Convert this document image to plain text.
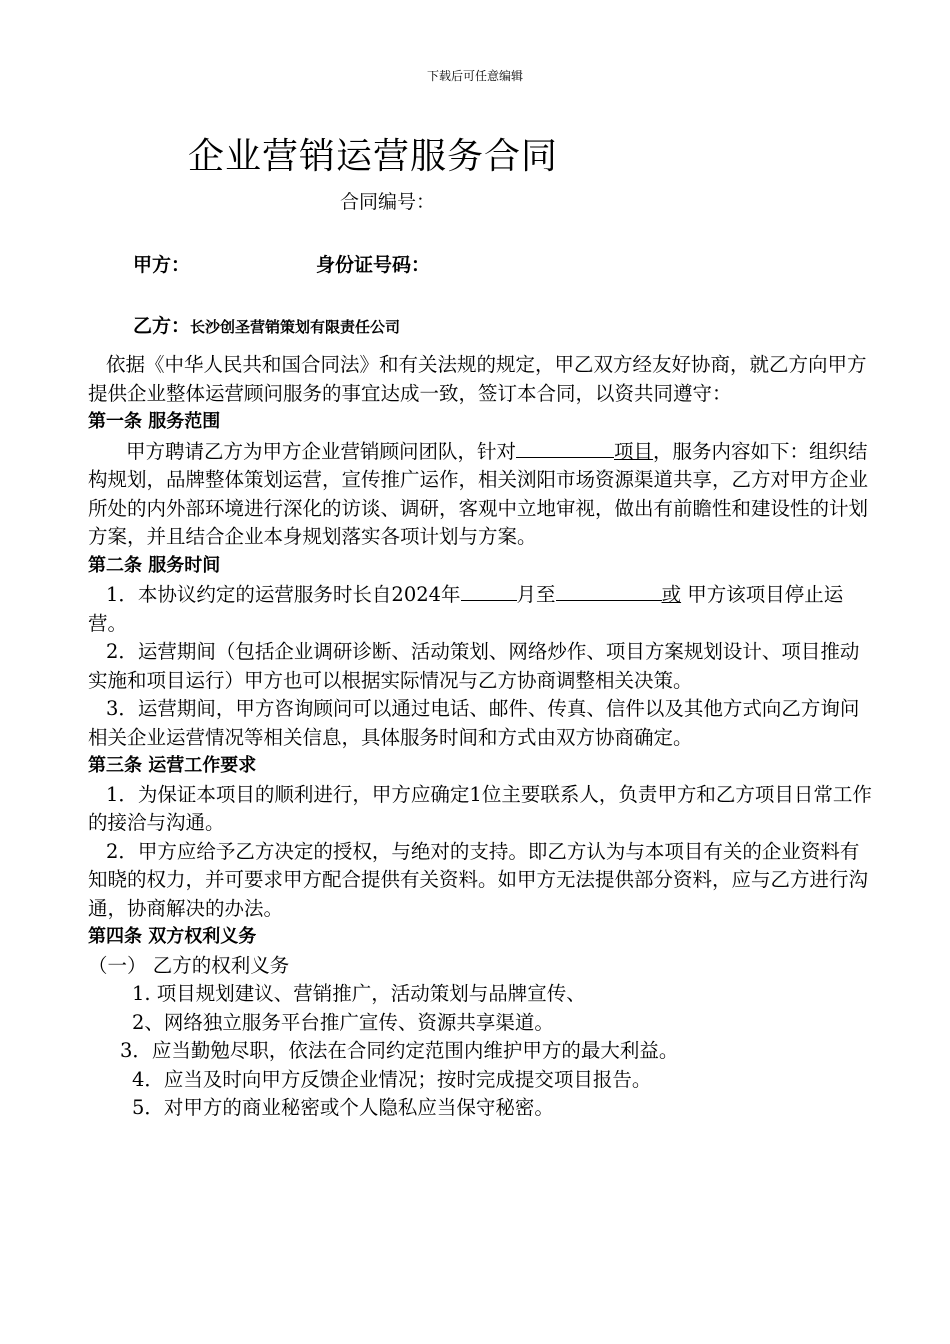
下载后可任意编辑
企业营销运营服务合同
合同编号：
甲方：	身份证号码：
乙方：长沙创圣营销策划有限责任公司

依据《中华人民共和国合同法》和有关法规的规定，甲乙双方经友好协商，就乙方向甲方提供企业整体运营顾问服务的事宜达成一致，签订本合同，以资共同遵守：

第一条 服务范围

甲方聘请乙方为甲方企业营销顾问团队，针对	项目，服务内容如下：组织结构规划，品牌整体策划运营，宣传推广运作，相关浏阳市场资源渠道共享，乙方对甲方企业所处的内外部环境进行深化的访谈、调研，客观中立地审视，做出有前瞻性和建设性的计划方案，并且结合企业本身规划落实各项计划与方案。

第二条 服务时间

1．本协议约定的运营服务时长自2024年	月至	或 甲方该项目停止运营。

2．运营期间（包括企业调研诊断、活动策划、网络炒作、项目方案规划设计、项目推动实施和项目运行）甲方也可以根据实际情况与乙方协商调整相关决策。

3．运营期间，甲方咨询顾问可以通过电话、邮件、传真、信件以及其他方式向乙方询问相关企业运营情况等相关信息，具体服务时间和方式由双方协商确定。

第三条 运营工作要求

1．为保证本项目的顺利进行，甲方应确定1位主要联系人，负责甲方和乙方项目日常工作的接洽与沟通。

2．甲方应给予乙方决定的授权，与绝对的支持。即乙方认为与本项目有关的企业资料有知晓的权力，并可要求甲方配合提供有关资料。如甲方无法提供部分资料，应与乙方进行沟通，协商解决的办法。

第四条 双方权利义务

（一） 乙方的权利义务

1. 项目规划建议、营销推广，活动策划与品牌宣传、

2、网络独立服务平台推广宣传、资源共享渠道。

3．应当勤勉尽职，依法在合同约定范围内维护甲方的最大利益。

4．应当及时向甲方反馈企业情况；按时完成提交项目报告。

5．对甲方的商业秘密或个人隐私应当保守秘密。
